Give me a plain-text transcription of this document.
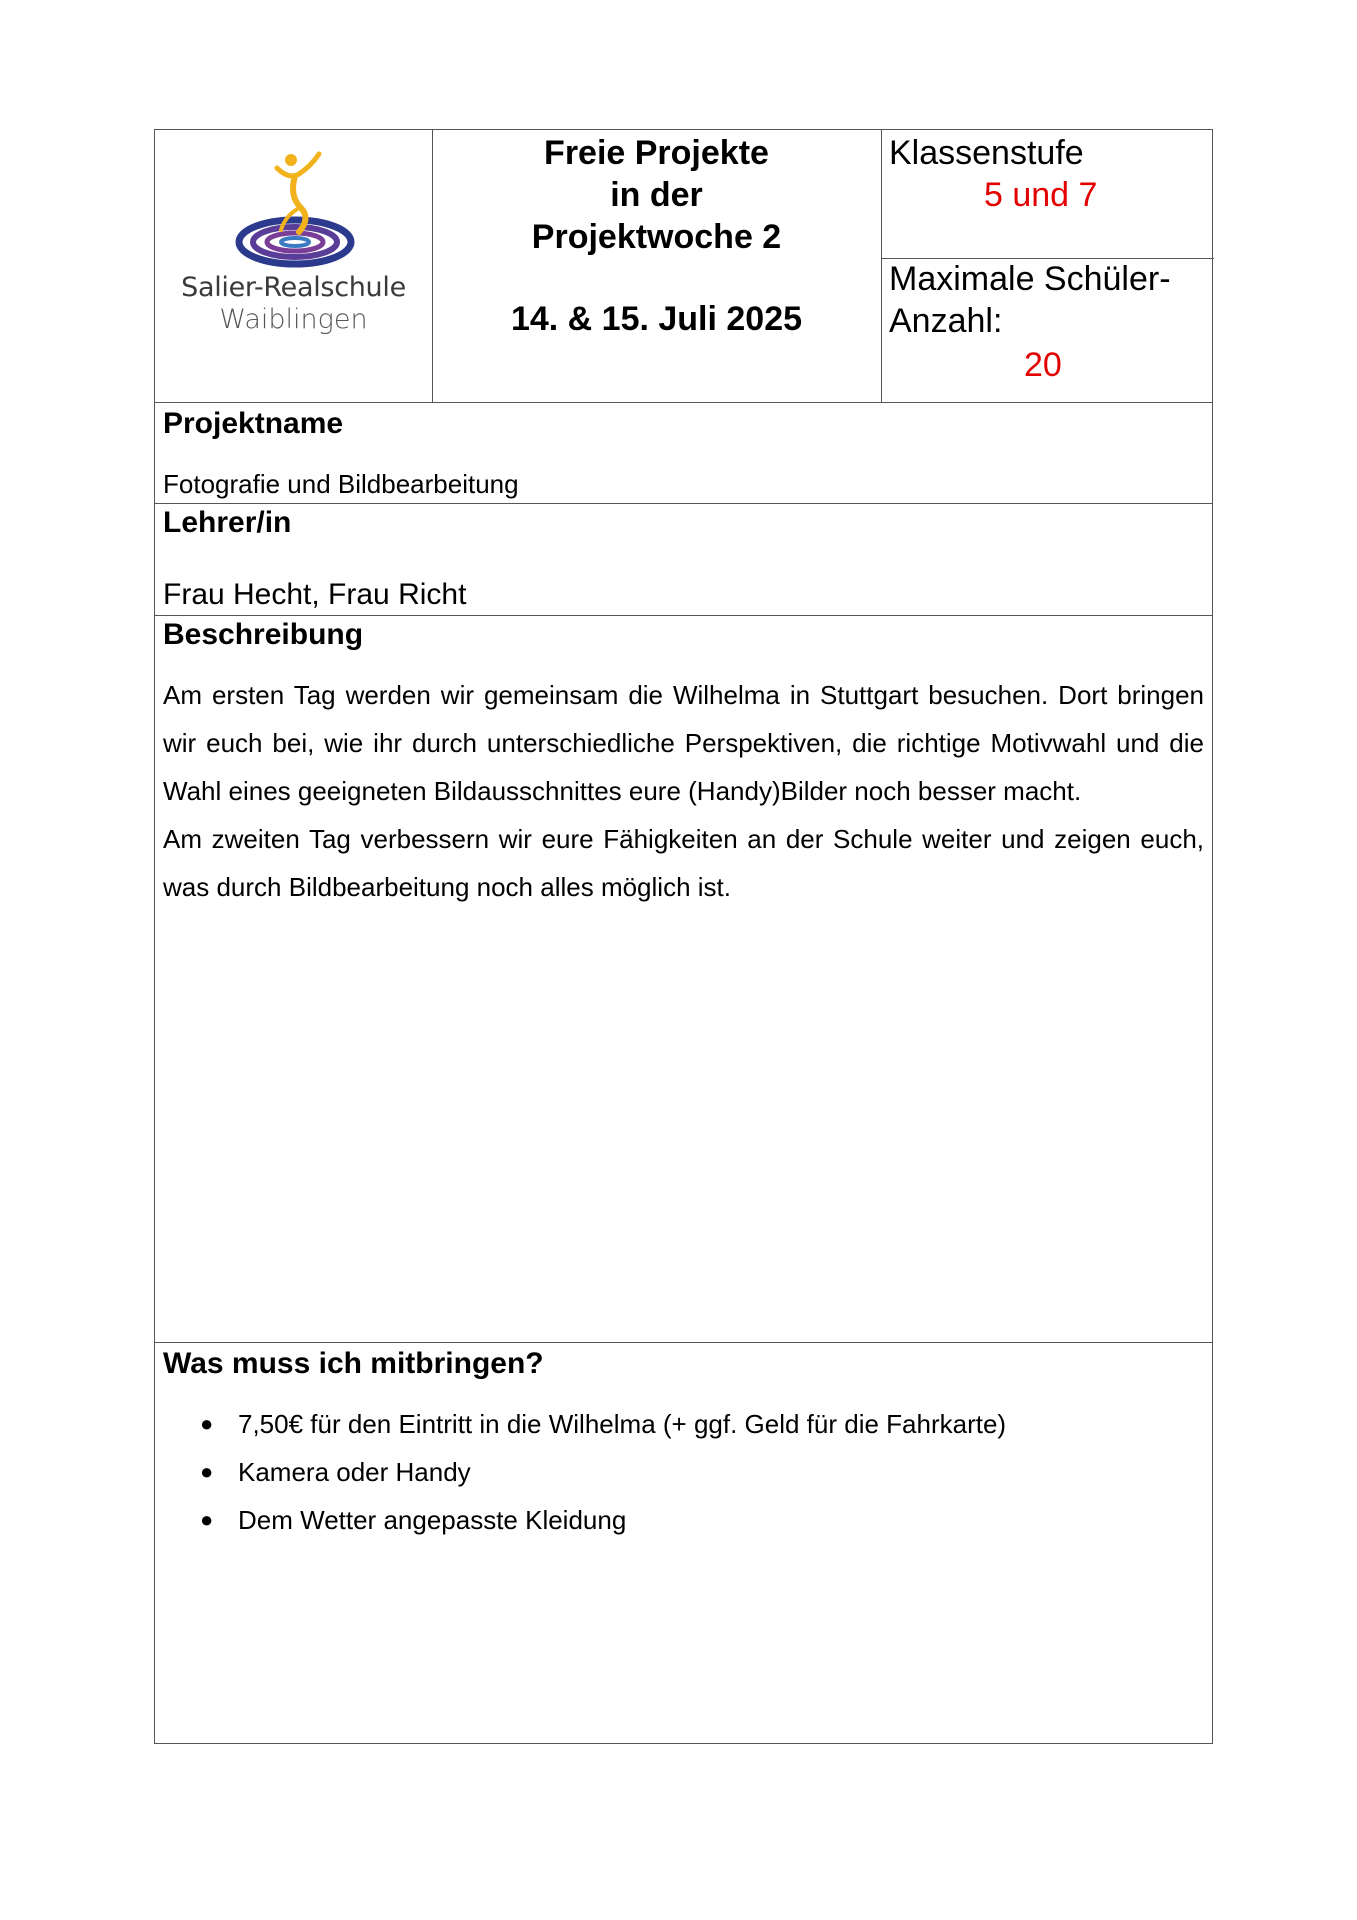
Salier-Realschule
Waiblingen
Freie Projekte
in der
Projektwoche 2
14. & 15. Juli 2025
Klassenstufe
5 und 7
Maximale Schüler-Anzahl:
20
Projektname
Fotografie und Bildbearbeitung
Lehrer/in
Frau Hecht, Frau Richt
Beschreibung

Am ersten Tag werden wir gemeinsam die Wilhelma in Stuttgart besuchen. Dort bringen wir euch bei, wie ihr durch unterschiedliche Perspektiven, die richtige Motivwahl und die Wahl eines geeigneten Bildausschnittes eure (Handy)Bilder noch besser macht.

Am zweiten Tag verbessern wir eure Fähigkeiten an der Schule weiter und zeigen euch, was durch Bildbearbeitung noch alles möglich ist.

Was muss ich mitbringen?
● 7,50€ für den Eintritt in die Wilhelma (+ ggf. Geld für die Fahrkarte)
● Kamera oder Handy
● Dem Wetter angepasste Kleidung
